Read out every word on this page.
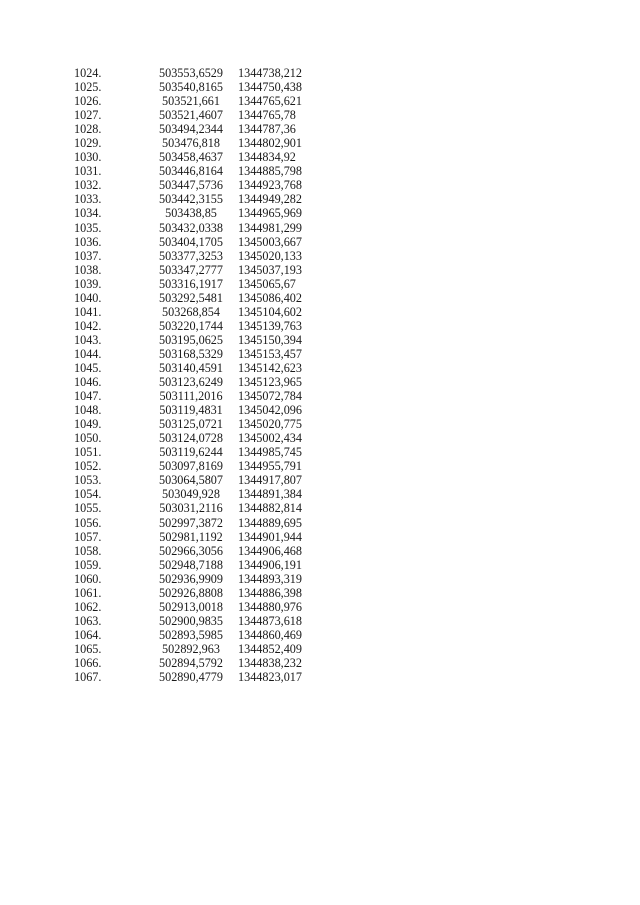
1024.	503553,6529	1344738,212
1025.	503540,8165	1344750,438
1026.	503521,661	1344765,621
1027.	503521,4607	1344765,78
1028.	503494,2344	1344787,36
1029.	503476,818	1344802,901
1030.	503458,4637	1344834,92
1031.	503446,8164	1344885,798
1032.	503447,5736	1344923,768
1033.	503442,3155	1344949,282
1034.	503438,85	1344965,969
1035.	503432,0338	1344981,299
1036.	503404,1705	1345003,667
1037.	503377,3253	1345020,133
1038.	503347,2777	1345037,193
1039.	503316,1917	1345065,67
1040.	503292,5481	1345086,402
1041.	503268,854	1345104,602
1042.	503220,1744	1345139,763
1043.	503195,0625	1345150,394
1044.	503168,5329	1345153,457
1045.	503140,4591	1345142,623
1046.	503123,6249	1345123,965
1047.	503111,2016	1345072,784
1048.	503119,4831	1345042,096
1049.	503125,0721	1345020,775
1050.	503124,0728	1345002,434
1051.	503119,6244	1344985,745
1052.	503097,8169	1344955,791
1053.	503064,5807	1344917,807
1054.	503049,928	1344891,384
1055.	503031,2116	1344882,814
1056.	502997,3872	1344889,695
1057.	502981,1192	1344901,944
1058.	502966,3056	1344906,468
1059.	502948,7188	1344906,191
1060.	502936,9909	1344893,319
1061.	502926,8808	1344886,398
1062.	502913,0018	1344880,976
1063.	502900,9835	1344873,618
1064.	502893,5985	1344860,469
1065.	502892,963	1344852,409
1066.	502894,5792	1344838,232
1067.	502890,4779	1344823,017
